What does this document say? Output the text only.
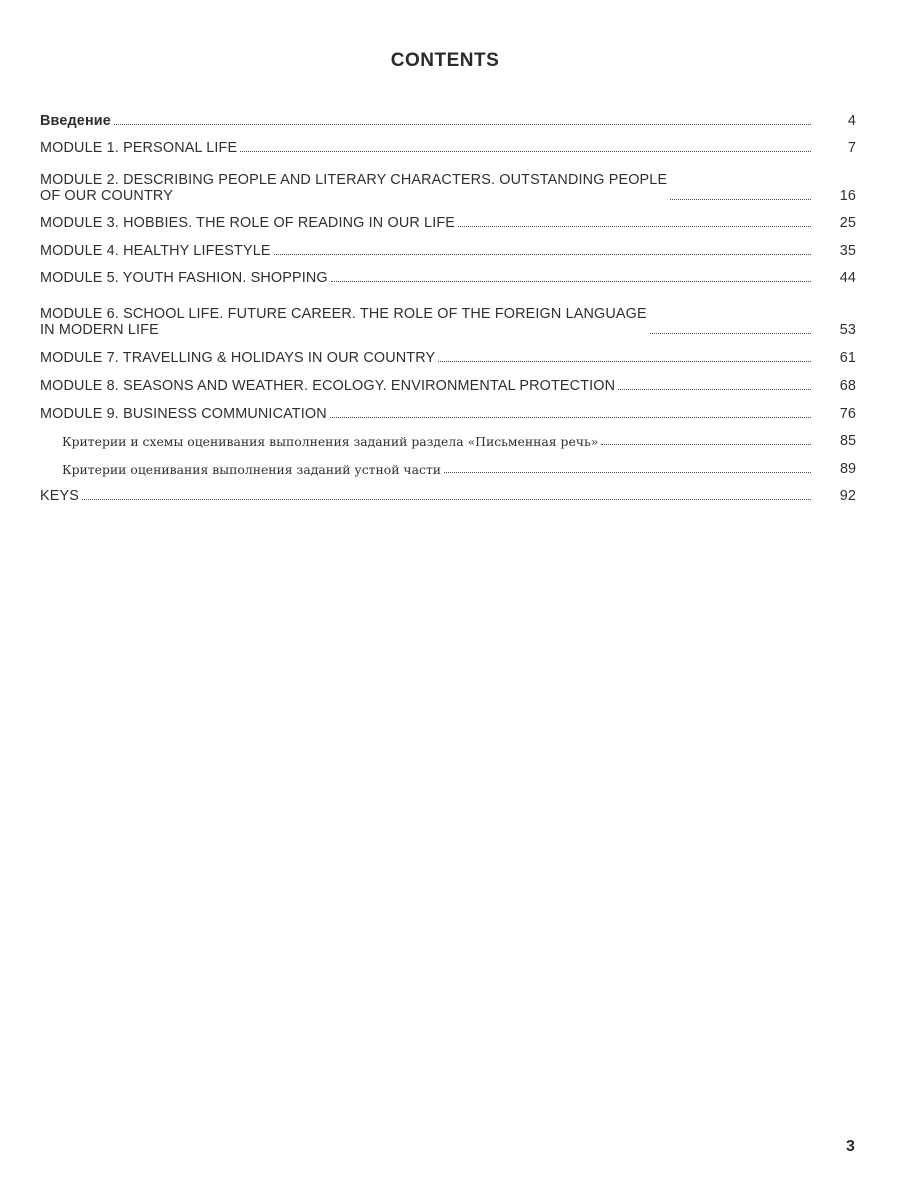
CONTENTS
Введение	4
MODULE 1. PERSONAL LIFE	7
MODULE 2. DESCRIBING PEOPLE AND LITERARY CHARACTERS. OUTSTANDING PEOPLE
OF OUR COUNTRY	16
MODULE 3. HOBBIES. THE ROLE OF READING IN OUR LIFE	25
MODULE 4. HEALTHY LIFESTYLE	35
MODULE 5. YOUTH FASHION. SHOPPING	44
MODULE 6. SCHOOL LIFE. FUTURE CAREER. THE ROLE OF THE FOREIGN LANGUAGE
IN MODERN LIFE	53
MODULE 7. TRAVELLING & HOLIDAYS IN OUR COUNTRY	61
MODULE 8. SEASONS AND WEATHER. ECOLOGY. ENVIRONMENTAL PROTECTION	68
MODULE 9. BUSINESS COMMUNICATION	76
Критерии и схемы оценивания выполнения заданий раздела «Письменная речь»	85
Критерии оценивания выполнения заданий устной части	89
KEYS	92
3
